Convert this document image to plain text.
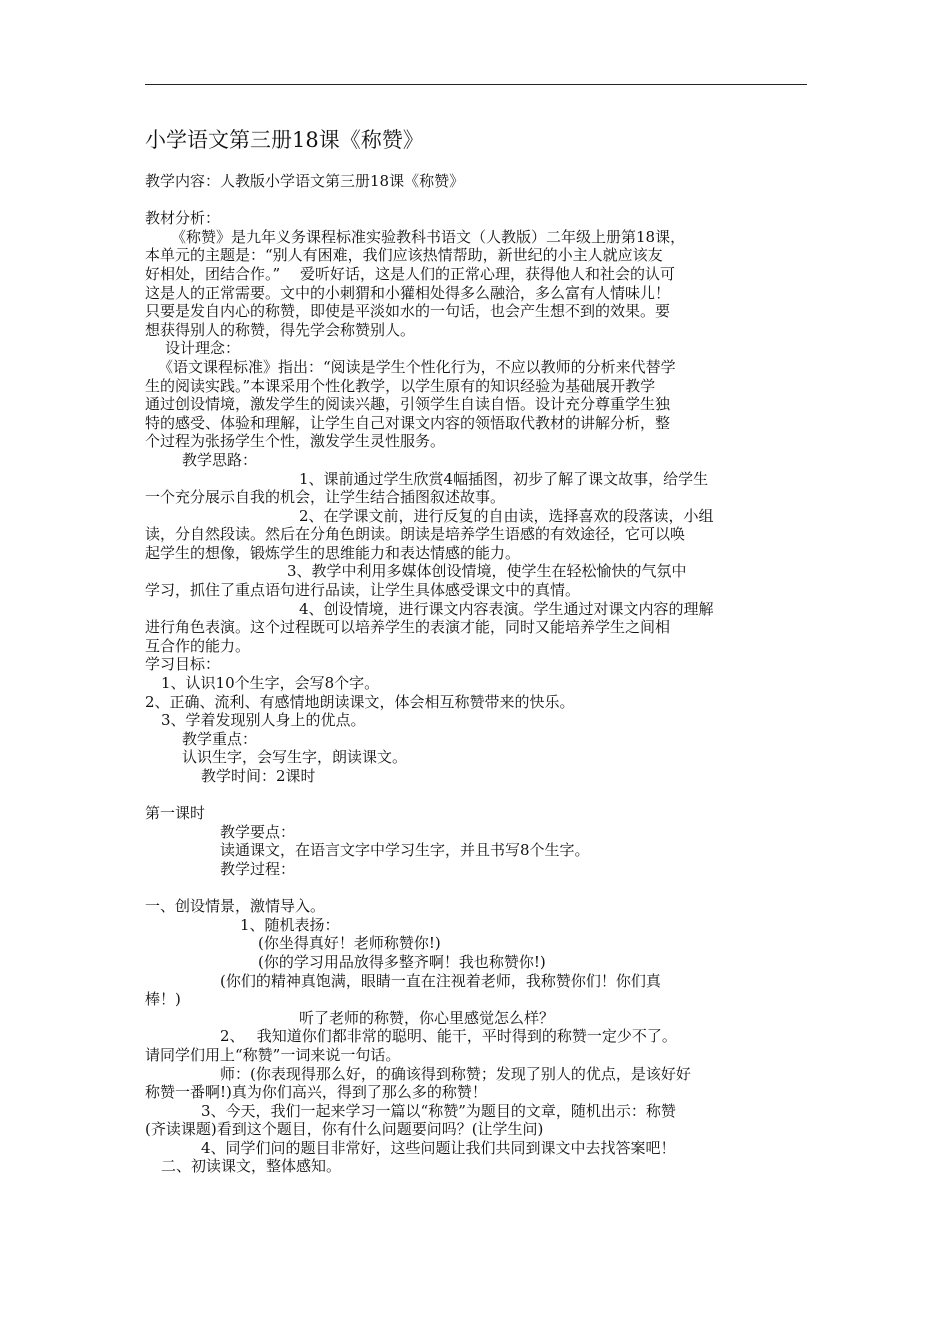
小学语文第三册18课《称赞》
教学内容：人教版小学语文第三册18课《称赞》
教材分析：
《称赞》是九年义务课程标准实验教科书语文（人教版）二年级上册第18课，
本单元的主题是：“别人有困难，我们应该热情帮助，新世纪的小主人就应该友
好相处，团结合作。”　 爱听好话，这是人们的正常心理，获得他人和社会的认可
这是人的正常需要。文中的小刺猬和小獾相处得多么融洽，多么富有人情味儿！
只要是发自内心的称赞，即使是平淡如水的一句话，也会产生想不到的效果。要
想获得别人的称赞，得先学会称赞别人。
设计理念：
《语文课程标准》指出：“阅读是学生个性化行为，不应以教师的分析来代替学
生的阅读实践。”本课采用个性化教学，以学生原有的知识经验为基础展开教学
通过创设情境，激发学生的阅读兴趣，引领学生自读自悟。设计充分尊重学生独
特的感受、体验和理解，让学生自己对课文内容的领悟取代教材的讲解分析，整
个过程为张扬学生个性，激发学生灵性服务。
教学思路：
1、课前通过学生欣赏4幅插图，初步了解了课文故事，给学生
一个充分展示自我的机会，让学生结合插图叙述故事。
2、在学课文前，进行反复的自由读，选择喜欢的段落读，小组
读，分自然段读。然后在分角色朗读。朗读是培养学生语感的有效途径，它可以唤
起学生的想像，锻炼学生的思维能力和表达情感的能力。
3、教学中利用多媒体创设情境，使学生在轻松愉快的气氛中
学习，抓住了重点语句进行品读，让学生具体感受课文中的真情。
4、创设情境，进行课文内容表演。学生通过对课文内容的理解
进行角色表演。这个过程既可以培养学生的表演才能，同时又能培养学生之间相
互合作的能力。
学习目标：
1、认识10个生字，会写8个字。
2、正确、流利、有感情地朗读课文，体会相互称赞带来的快乐。
3、学着发现别人身上的优点。
教学重点：
认识生字，会写生字，朗读课文。
教学时间：2课时
第一课时
教学要点：
读通课文，在语言文字中学习生字，并且书写8个生字。
教学过程：
一、创设情景，激情导入。
1、随机表扬：
(你坐得真好！老师称赞你!)
(你的学习用品放得多整齐啊！我也称赞你!)
(你们的精神真饱满，眼睛一直在注视着老师，我称赞你们！你们真
棒！)
听了老师的称赞，你心里感觉怎么样？
2、　 我知道你们都非常的聪明、能干，平时得到的称赞一定少不了。
请同学们用上“称赞”一词来说一句话。
师：(你表现得那么好，的确该得到称赞；发现了别人的优点，是该好好
称赞一番啊!)真为你们高兴，得到了那么多的称赞！
3、今天，我们一起来学习一篇以“称赞”为题目的文章，随机出示：称赞
(齐读课题)看到这个题目，你有什么问题要问吗？(让学生问)
4、同学们问的题目非常好，这些问题让我们共同到课文中去找答案吧！
二、初读课文，整体感知。
